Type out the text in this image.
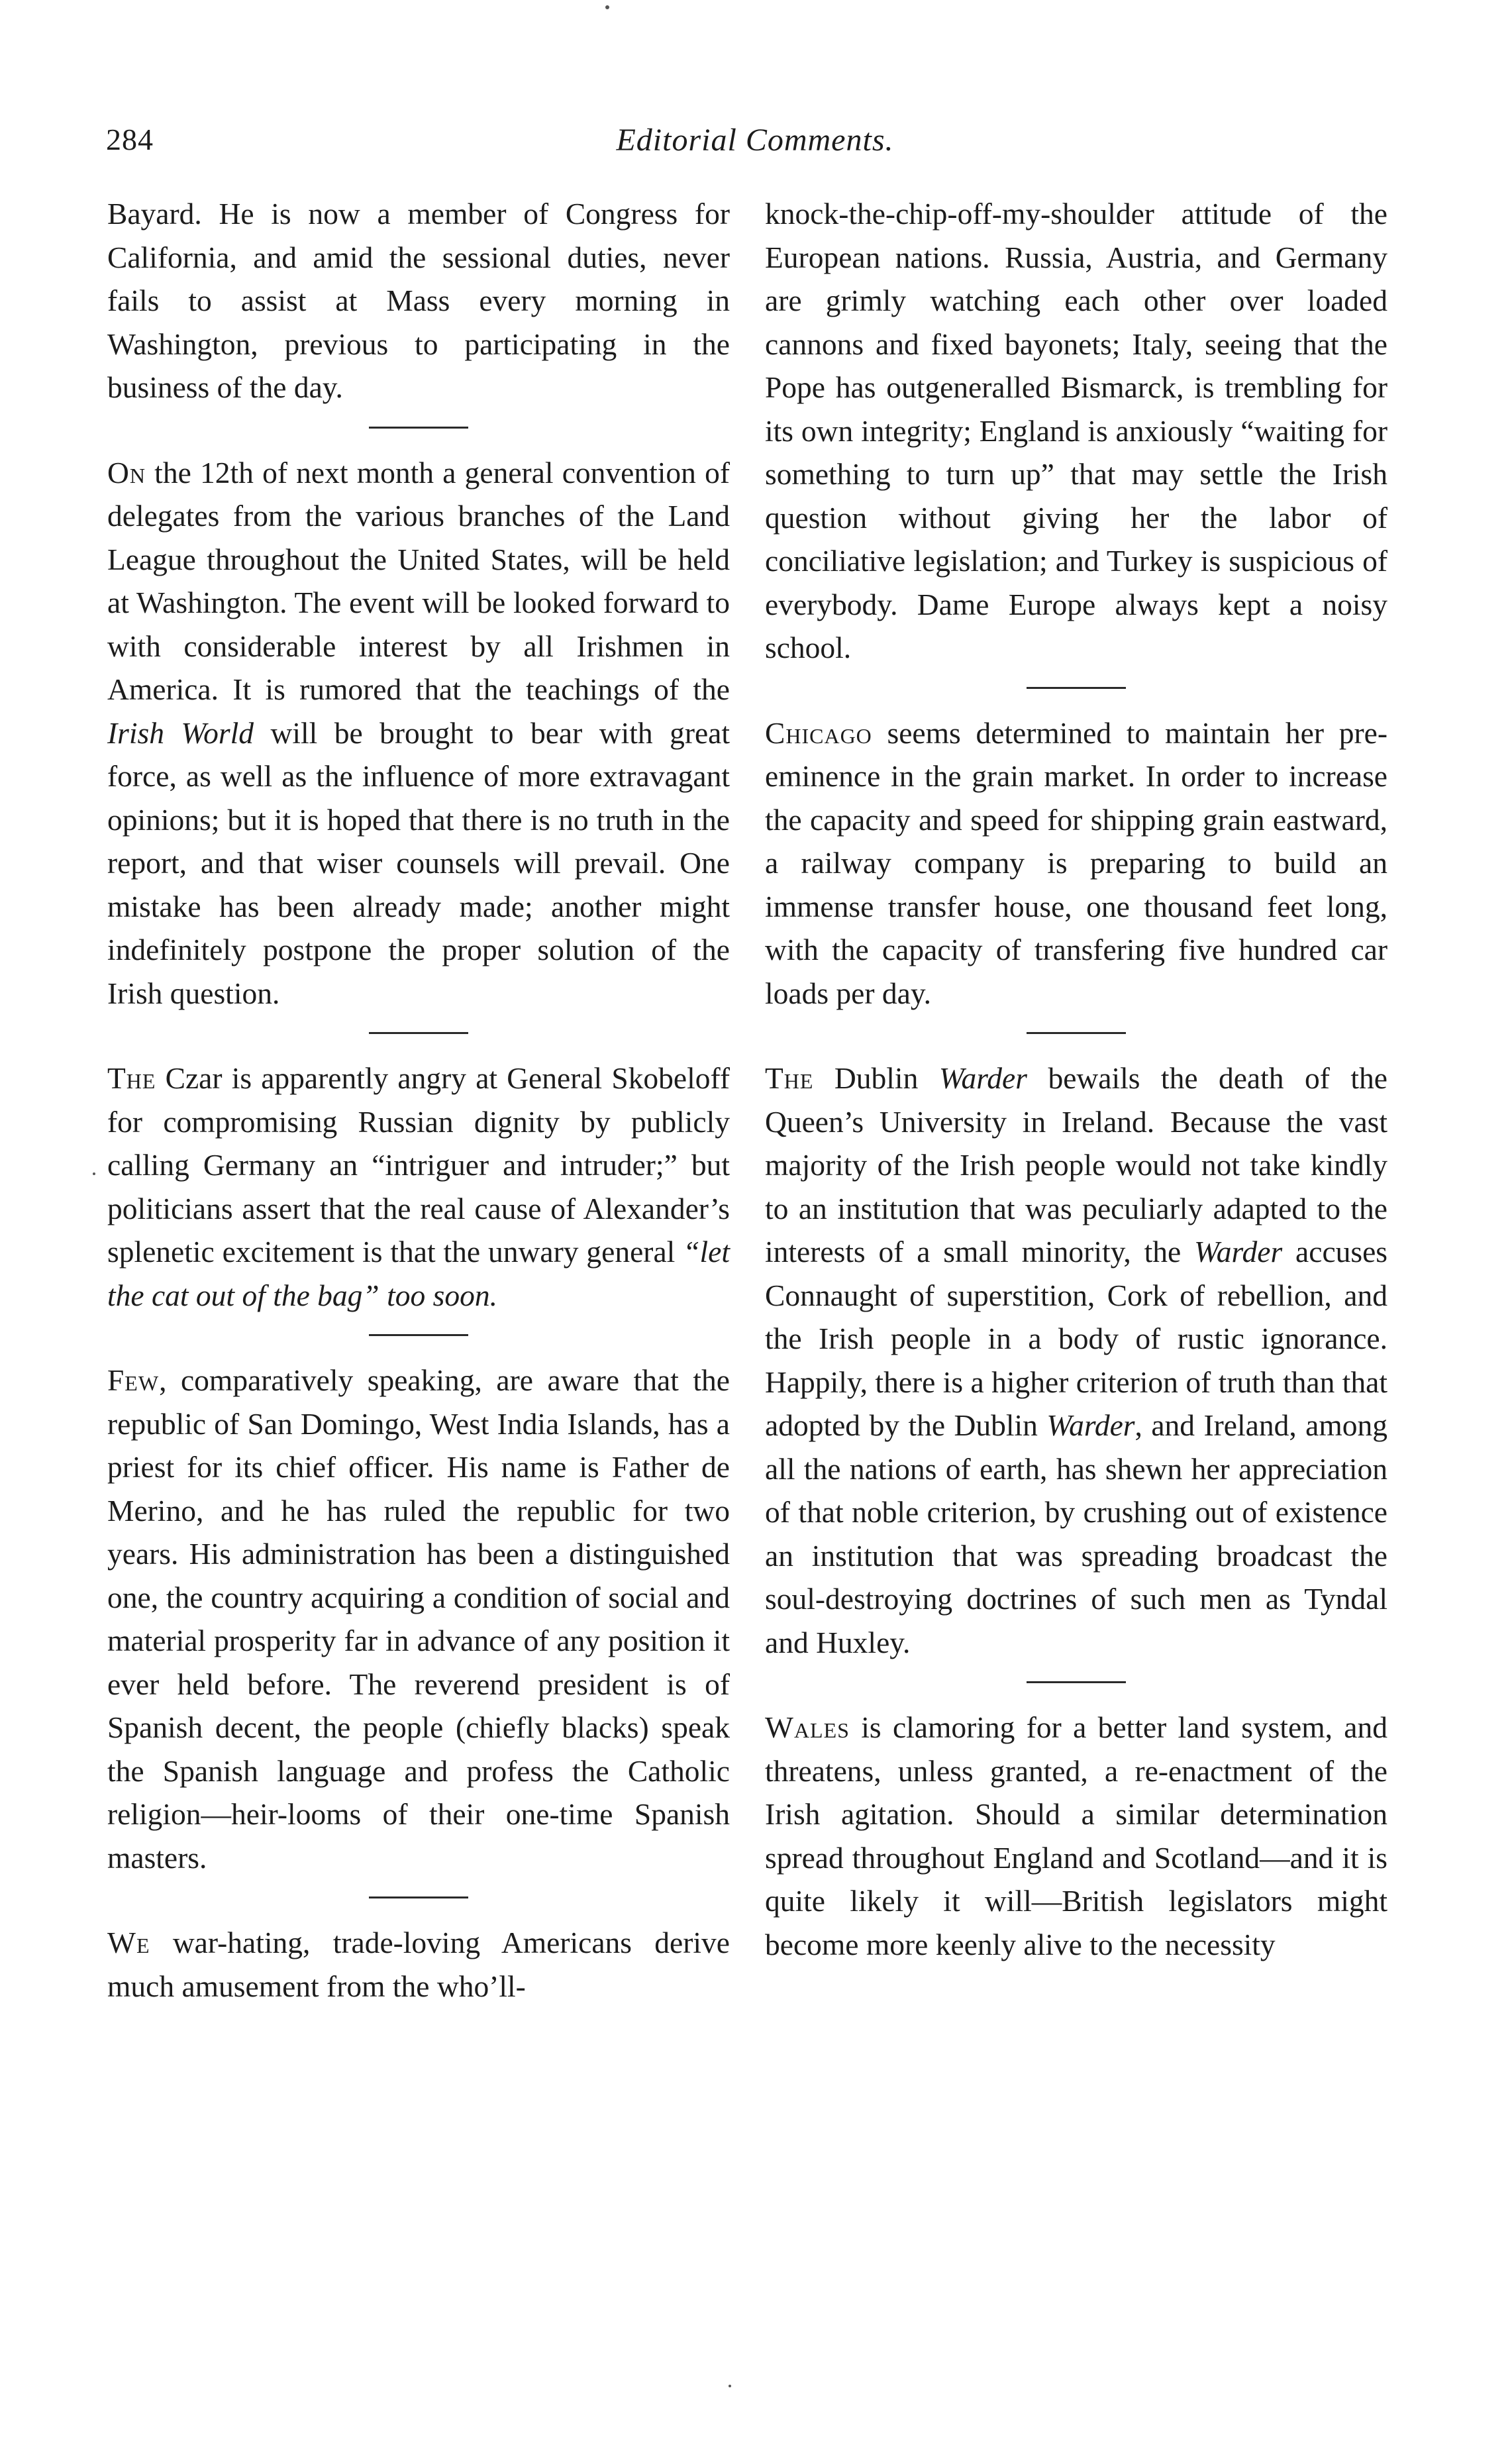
284	Editorial Comments.

Bayard. He is now a member of Congress for California, and amid the sessional duties, never fails to assist at Mass every morning in Washington, previous to participating in the business of the day.

On the 12th of next month a general convention of delegates from the various branches of the Land League throughout the United States, will be held at Washington. The event will be looked forward to with considerable interest by all Irishmen in America. It is rumored that the teachings of the Irish World will be brought to bear with great force, as well as the influence of more extravagant opinions; but it is hoped that there is no truth in the report, and that wiser counsels will prevail. One mistake has been already made; another might indefinitely postpone the proper solution of the Irish question.

The Czar is apparently angry at General Skobeloff for compromising Russian dignity by publicly calling Germany an “intriguer and intruder;” but politicians assert that the real cause of Alexander’s splenetic excitement is that the unwary general “let the cat out of the bag” too soon.

Few, comparatively speaking, are aware that the republic of San Domingo, West India Islands, has a priest for its chief officer. His name is Father de Merino, and he has ruled the republic for two years. His administration has been a distinguished one, the country acquiring a condition of social and material prosperity far in advance of any position it ever held before. The reverend president is of Spanish decent, the people (chiefly blacks) speak the Spanish language and profess the Catholic religion—heir-looms of their one-time Spanish masters.

We war-hating, trade-loving Americans derive much amusement from the who’ll-

knock-the-chip-off-my-shoulder attitude of the European nations. Russia, Austria, and Germany are grimly watching each other over loaded cannons and fixed bayonets; Italy, seeing that the Pope has outgeneralled Bismarck, is trembling for its own integrity; England is anxiously “waiting for something to turn up” that may settle the Irish question without giving her the labor of conciliative legislation; and Turkey is suspicious of everybody. Dame Europe always kept a noisy school.

Chicago seems determined to maintain her pre-eminence in the grain market. In order to increase the capacity and speed for shipping grain eastward, a railway company is preparing to build an immense transfer house, one thousand feet long, with the capacity of transfering five hundred car loads per day.

The Dublin Warder bewails the death of the Queen’s University in Ireland. Because the vast majority of the Irish people would not take kindly to an institution that was peculiarly adapted to the interests of a small minority, the Warder accuses Connaught of superstition, Cork of rebellion, and the Irish people in a body of rustic ignorance. Happily, there is a higher criterion of truth than that adopted by the Dublin Warder, and Ireland, among all the nations of earth, has shewn her appreciation of that noble criterion, by crushing out of existence an institution that was spreading broadcast the soul-destroying doctrines of such men as Tyndal and Huxley.

Wales is clamoring for a better land system, and threatens, unless granted, a re-enactment of the Irish agitation. Should a similar determination spread throughout England and Scotland—and it is quite likely it will—British legislators might become more keenly alive to the necessity
